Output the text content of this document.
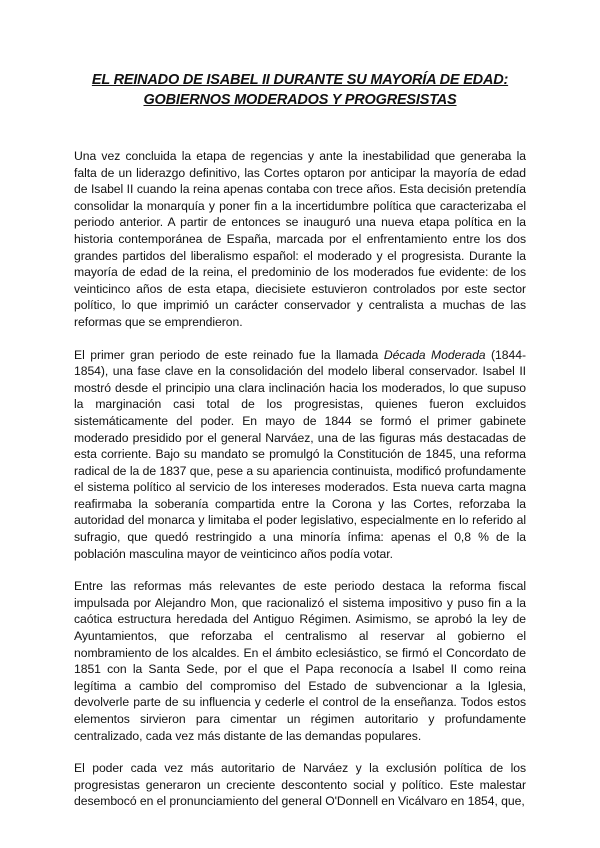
EL REINADO DE ISABEL II DURANTE SU MAYORÍA DE EDAD:
GOBIERNOS MODERADOS Y PROGRESISTAS

Una vez concluida la etapa de regencias y ante la inestabilidad que generaba la falta de un liderazgo definitivo, las Cortes optaron por anticipar la mayoría de edad de Isabel II cuando la reina apenas contaba con trece años. Esta decisión pretendía consolidar la monarquía y poner fin a la incertidumbre política que caracterizaba el periodo anterior. A partir de entonces se inauguró una nueva etapa política en la historia contemporánea de España, marcada por el enfrentamiento entre los dos grandes partidos del liberalismo español: el moderado y el progresista. Durante la mayoría de edad de la reina, el predominio de los moderados fue evidente: de los veinticinco años de esta etapa, diecisiete estuvieron controlados por este sector político, lo que imprimió un carácter conservador y centralista a muchas de las reformas que se emprendieron.

El primer gran periodo de este reinado fue la llamada Década Moderada (1844-1854), una fase clave en la consolidación del modelo liberal conservador. Isabel II mostró desde el principio una clara inclinación hacia los moderados, lo que supuso la marginación casi total de los progresistas, quienes fueron excluidos sistemáticamente del poder. En mayo de 1844 se formó el primer gabinete moderado presidido por el general Narváez, una de las figuras más destacadas de esta corriente. Bajo su mandato se promulgó la Constitución de 1845, una reforma radical de la de 1837 que, pese a su apariencia continuista, modificó profundamente el sistema político al servicio de los intereses moderados. Esta nueva carta magna reafirmaba la soberanía compartida entre la Corona y las Cortes, reforzaba la autoridad del monarca y limitaba el poder legislativo, especialmente en lo referido al sufragio, que quedó restringido a una minoría ínfima: apenas el 0,8 % de la población masculina mayor de veinticinco años podía votar.

Entre las reformas más relevantes de este periodo destaca la reforma fiscal impulsada por Alejandro Mon, que racionalizó el sistema impositivo y puso fin a la caótica estructura heredada del Antiguo Régimen. Asimismo, se aprobó la ley de Ayuntamientos, que reforzaba el centralismo al reservar al gobierno el nombramiento de los alcaldes. En el ámbito eclesiástico, se firmó el Concordato de 1851 con la Santa Sede, por el que el Papa reconocía a Isabel II como reina legítima a cambio del compromiso del Estado de subvencionar a la Iglesia, devolverle parte de su influencia y cederle el control de la enseñanza. Todos estos elementos sirvieron para cimentar un régimen autoritario y profundamente centralizado, cada vez más distante de las demandas populares.

El poder cada vez más autoritario de Narváez y la exclusión política de los progresistas generaron un creciente descontento social y político. Este malestar desembocó en el pronunciamiento del general O'Donnell en Vicálvaro en 1854, que,
